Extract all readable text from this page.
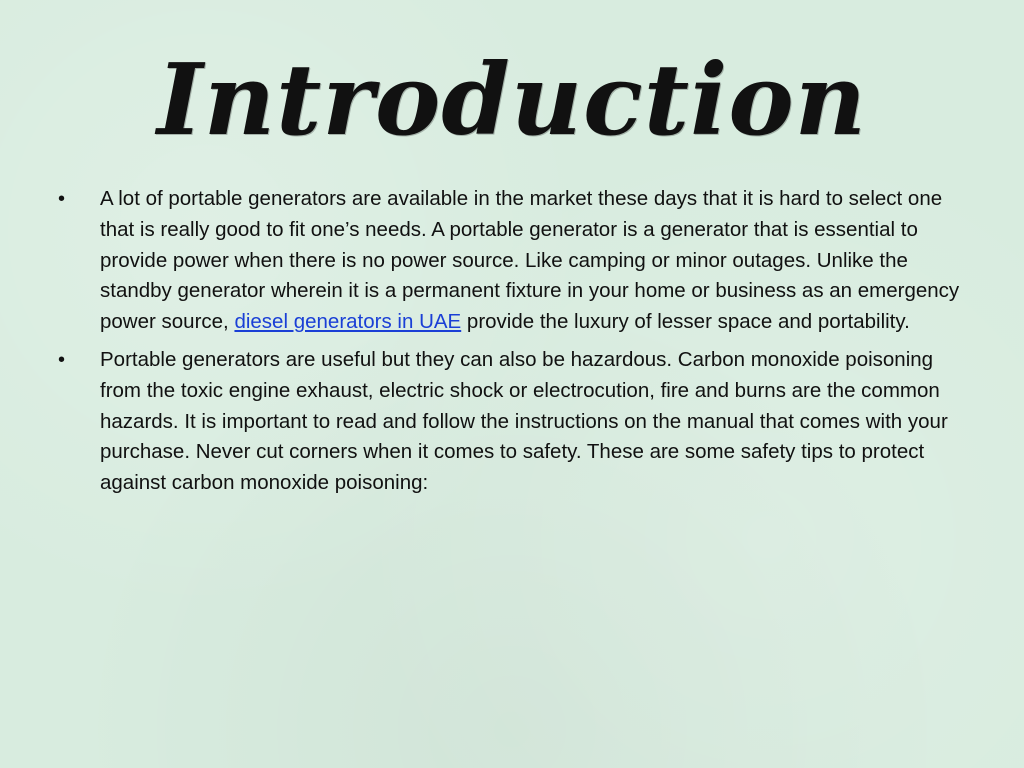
Introduction
• A lot of portable generators are available in the market these days that it is hard to select one that is really good to fit one’s needs. A portable generator is a generator that is essential to provide power when there is no power source. Like camping or minor outages. Unlike the standby generator wherein it is a permanent fixture in your home or business as an emergency power source, diesel generators in UAE provide the luxury of lesser space and portability.
• Portable generators are useful but they can also be hazardous. Carbon monoxide poisoning from the toxic engine exhaust, electric shock or electrocution, fire and burns are the common hazards. It is important to read and follow the instructions on the manual that comes with your purchase. Never cut corners when it comes to safety. These are some safety tips to protect against carbon monoxide poisoning:
